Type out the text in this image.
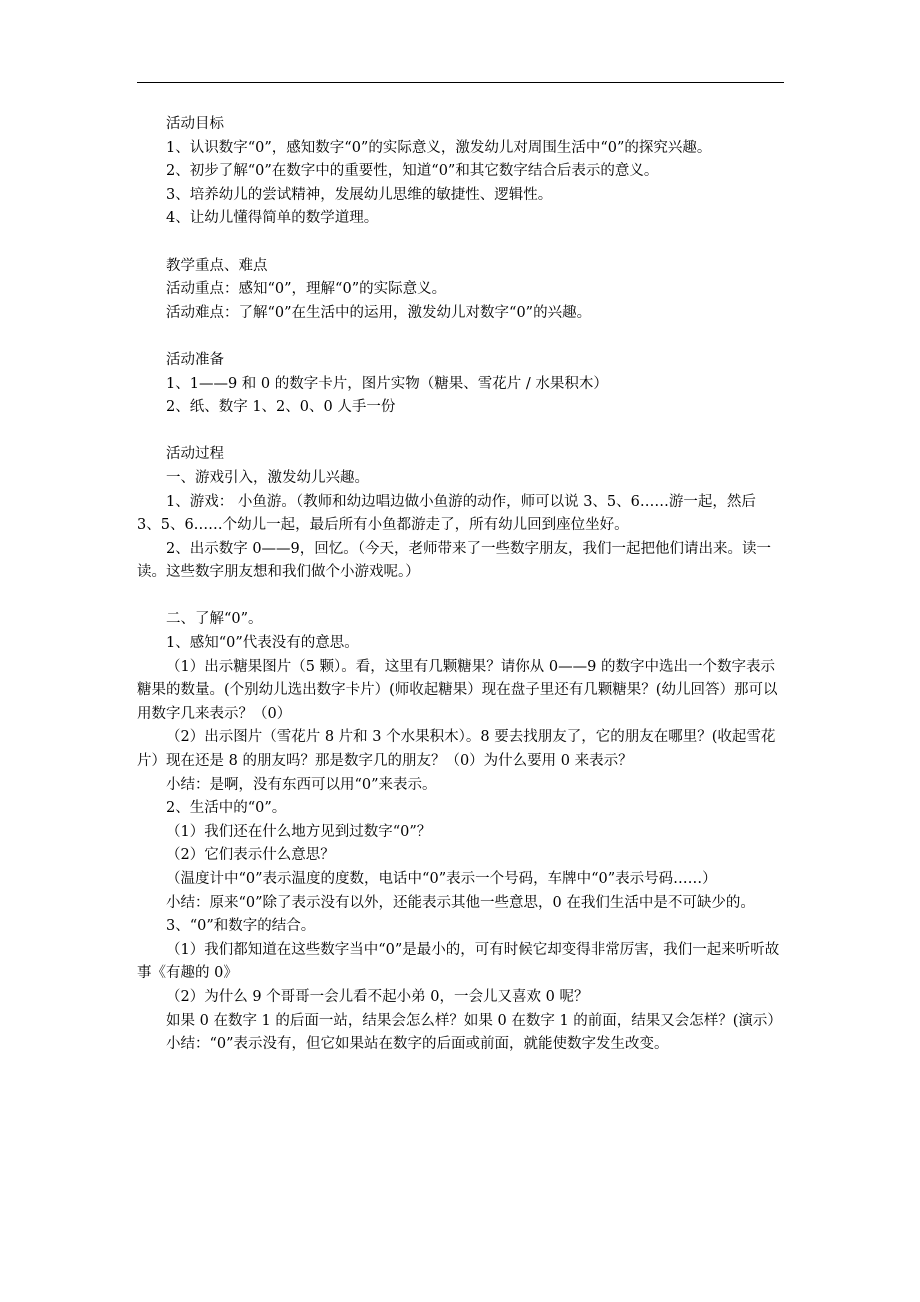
活动目标

1、认识数字“0”，感知数字“0”的实际意义，激发幼儿对周围生活中“0”的探究兴趣。

2、初步了解“0”在数字中的重要性，知道“0”和其它数字结合后表示的意义。

3、培养幼儿的尝试精神，发展幼儿思维的敏捷性、逻辑性。

4、让幼儿懂得简单的数学道理。

教学重点、难点

活动重点：感知“0”，理解“0”的实际意义。

活动难点：了解“0”在生活中的运用，激发幼儿对数字“0”的兴趣。

活动准备

1、1——9 和 0 的数字卡片，图片实物（糖果、雪花片 / 水果积木）

2、纸、数字 1、2、0、0 人手一份

活动过程

一、游戏引入，激发幼儿兴趣。

1、游戏： 小鱼游。（教师和幼边唱边做小鱼游的动作，师可以说 3、5、6……游一起，然后 3、5、6……个幼儿一起，最后所有小鱼都游走了，所有幼儿回到座位坐好。

2、出示数字 0——9，回忆。（今天，老师带来了一些数字朋友，我们一起把他们请出来。读一读。这些数字朋友想和我们做个小游戏呢。）

二、了解“0”。

1、感知“0”代表没有的意思。

（1）出示糖果图片（5 颗）。看，这里有几颗糖果？请你从 0——9 的数字中选出一个数字表示糖果的数量。(个别幼儿选出数字卡片）(师收起糖果）现在盘子里还有几颗糖果？(幼儿回答）那可以用数字几来表示？（0）

（2）出示图片（雪花片 8 片和 3 个水果积木）。8 要去找朋友了，它的朋友在哪里？(收起雪花片）现在还是 8 的朋友吗？那是数字几的朋友？（0）为什么要用 0 来表示？

小结：是啊，没有东西可以用“0”来表示。

2、生活中的“0”。

（1）我们还在什么地方见到过数字“0”？

（2）它们表示什么意思？

（温度计中“0”表示温度的度数，电话中“0”表示一个号码，车牌中“0”表示号码……）

小结：原来“0”除了表示没有以外，还能表示其他一些意思，0 在我们生活中是不可缺少的。

3、“0”和数字的结合。

（1）我们都知道在这些数字当中“0”是最小的，可有时候它却变得非常厉害，我们一起来听听故事《有趣的 0》

（2）为什么 9 个哥哥一会儿看不起小弟 0，一会儿又喜欢 0 呢？

如果 0 在数字 1 的后面一站，结果会怎么样？如果 0 在数字 1 的前面，结果又会怎样？(演示）

小结：“0”表示没有，但它如果站在数字的后面或前面，就能使数字发生改变。
